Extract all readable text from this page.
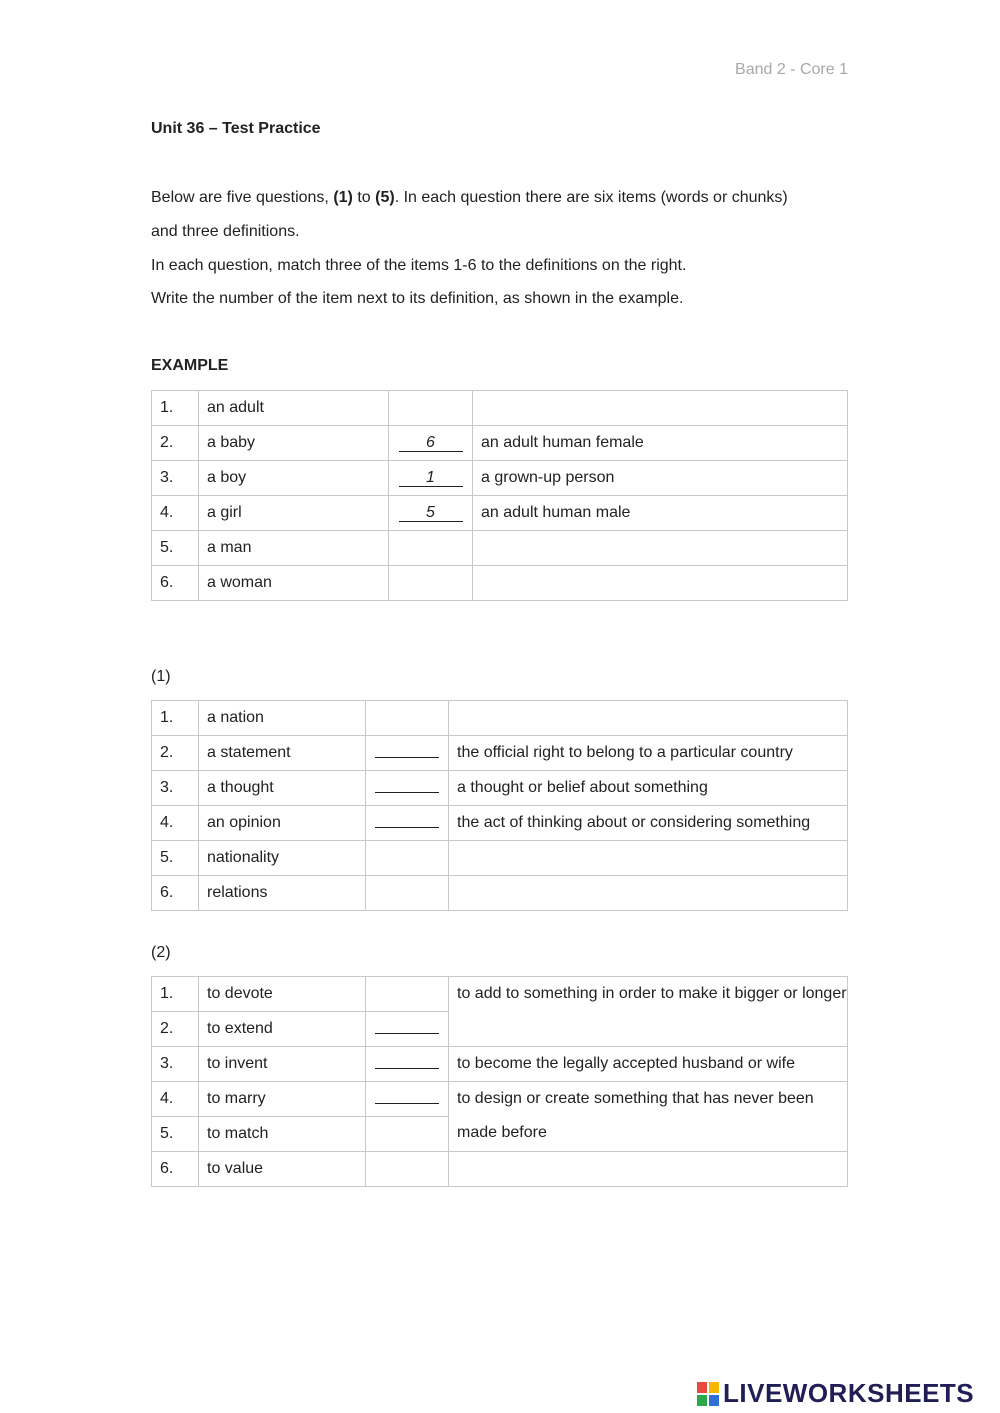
Band 2 - Core 1
Unit 36 – Test Practice
Below are five questions, (1) to (5). In each question there are six items (words or chunks)
and three definitions.
In each question, match three of the items 1-6 to the definitions on the right.
Write the number of the item next to its definition, as shown in the example.
EXAMPLE
1.	an adult		
2.	a baby	6	an adult human female
3.	a boy	1	a grown-up person
4.	a girl	5	an adult human male
5.	a man		
6.	a woman		
(1)
1.	a nation		
2.	a statement		the official right to belong to a particular country
3.	a thought		a thought or belief about something
4.	an opinion		the act of thinking about or considering something
5.	nationality		
6.	relations		
(2)
1.	to devote		to add to something in order to make it bigger or longer
2.	to extend		
3.	to invent		to become the legally accepted husband or wife
4.	to marry		to design or create something that has never been made before
5.	to match		
6.	to value		
LIVEWORKSHEETS
